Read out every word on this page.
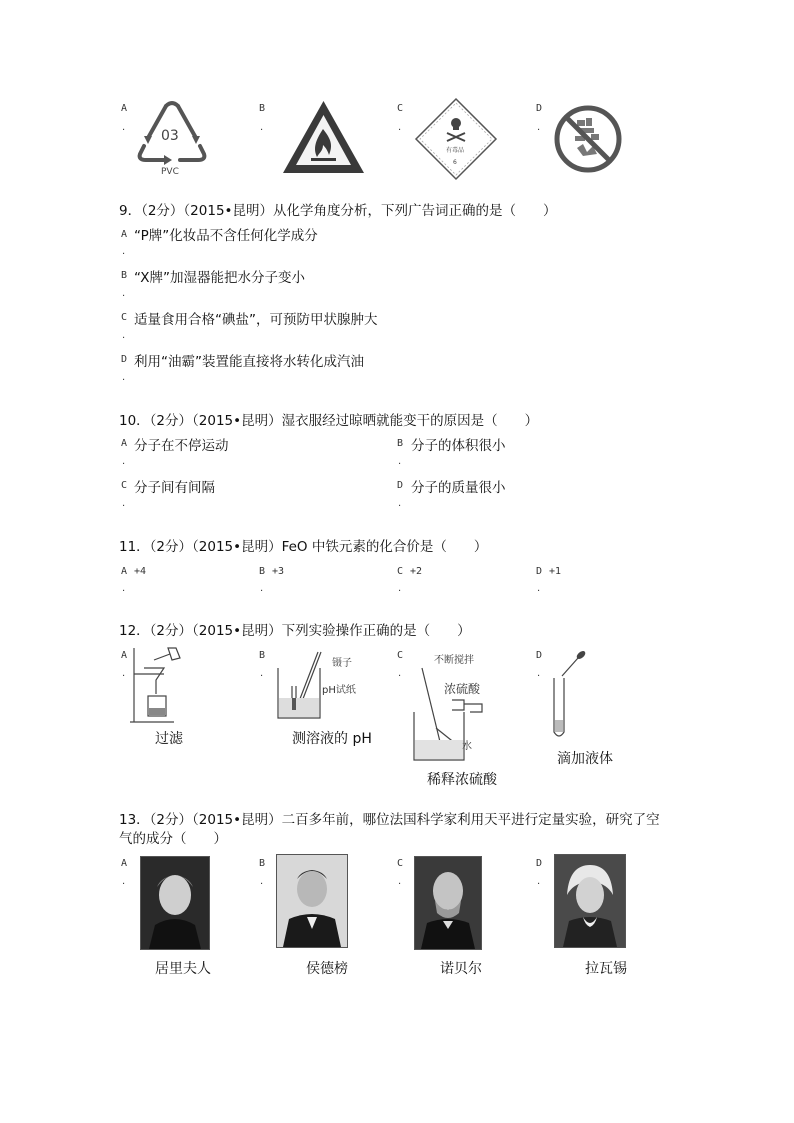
A
.
03
PVC
B
.
C
.
有毒品
6
D
.
9．（2分）（2015•昆明）从化学角度分析，下列广告词正确的是（　　）
A “P牌”化妆品不含任何化学成分
.
B “X牌”加湿器能把水分子变小
.
C 适量食用合格“碘盐”，可预防甲状腺肿大
.
D 利用“油霸”装置能直接将水转化成汽油
.
10．（2分）（2015•昆明）湿衣服经过晾晒就能变干的原因是（　　）
A 分子在不停运动
.
B 分子的体积很小
.
C 分子间有间隔
.
D 分子的质量很小
.
11．（2分）（2015•昆明）FeO 中铁元素的化合价是（　　）
A +4
.
B +3
.
C +2
.
D +1
.
12．（2分）（2015•昆明）下列实验操作正确的是（　　）
A
.
过滤
B
.
镊子
pH试纸
测溶液的 pH
C
.
不断搅拌
浓硫酸
水
稀释浓硫酸
D
.
滴加液体
13．（2分）（2015•昆明）二百多年前，哪位法国科学家利用天平进行定量实验，研究了空
气的成分（　　）
A
.
居里夫人
B
.
侯德榜
C
.
诺贝尔
D
.
拉瓦锡
